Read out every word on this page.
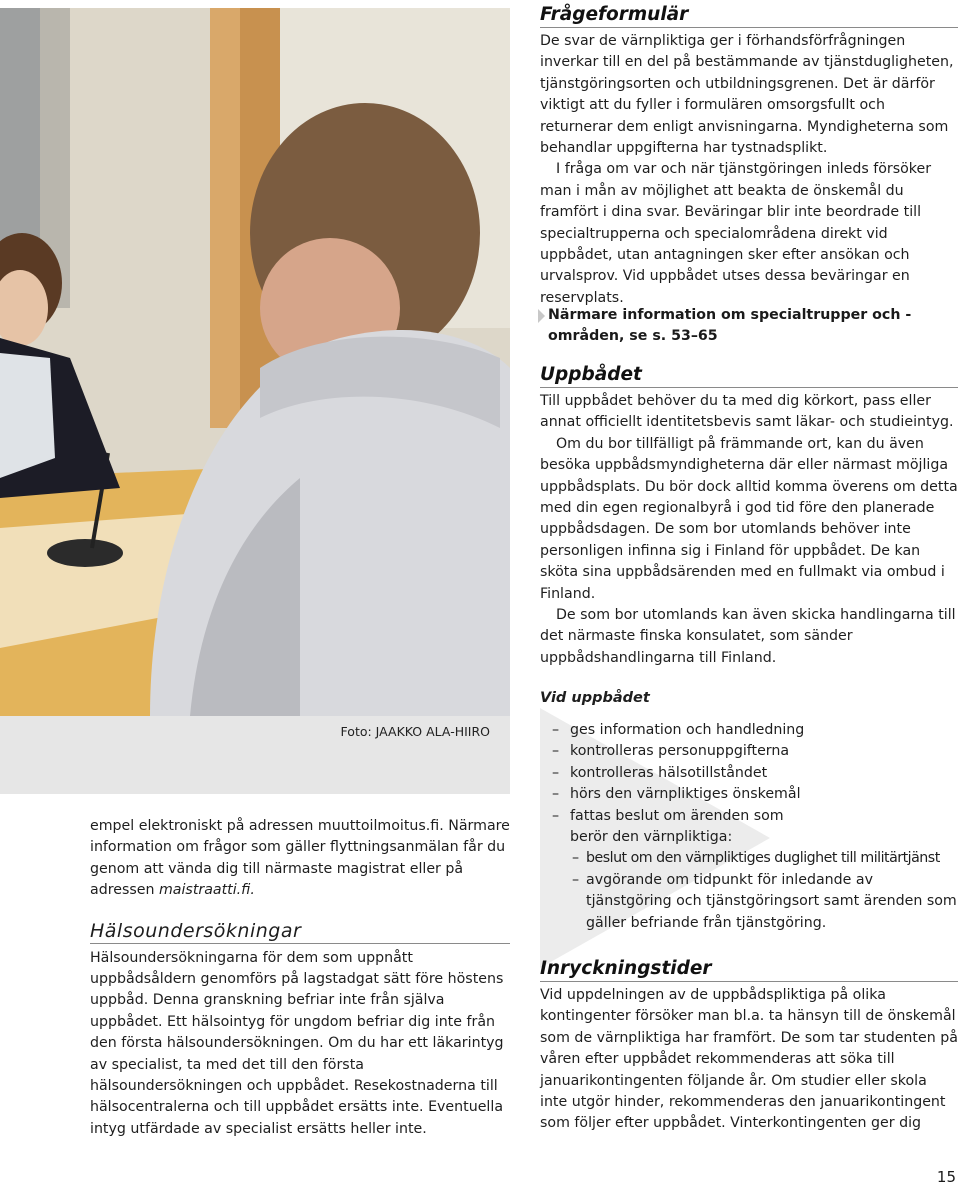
Foto: JAAKKO ALA-HIIRO
Frågeformulär

De svar de värnpliktiga ger i förhandsförfrågningen inverkar till en del på bestämmande av tjänstdugligheten, tjänstgöringsorten och utbildningsgrenen. Det är därför viktigt att du fyller i formulären omsorgsfullt och returnerar dem enligt anvisningarna. Myndigheterna som behandlar uppgifterna har tystnadsplikt.

I fråga om var och när tjänstgöringen inleds försöker man i mån av möjlighet att beakta de önskemål du framfört i dina svar. Beväringar blir inte beordrade till specialtrupperna och specialområdena direkt vid uppbådet, utan antagningen sker efter ansökan och urvalsprov. Vid uppbådet utses dessa beväringar en reservplats.

Närmare information om specialtrupper och -områden, se s. 53–65

Uppbådet

Till uppbådet behöver du ta med dig körkort, pass eller annat officiellt identitetsbevis samt läkar- och studieintyg.

Om du bor tillfälligt på främmande ort, kan du även besöka uppbådsmyndigheterna där eller närmast möjliga uppbådsplats. Du bör dock alltid komma överens om detta med din egen regionalbyrå i god tid före den planerade uppbådsdagen. De som bor utomlands behöver inte personligen infinna sig i Finland för uppbådet. De kan sköta sina uppbådsärenden med en fullmakt via ombud i Finland.

De som bor utomlands kan även skicka handlingarna till det närmaste finska konsulatet, som sänder uppbådshandlingarna till Finland.

Vid uppbådet
– ges information och handledning
– kontrolleras personuppgifterna
– kontrolleras hälsotillståndet
– hörs den värnpliktiges önskemål
– fattas beslut om ärenden som berör den värnpliktiga:
– beslut om den värnpliktiges duglighet till militärtjänst
– avgörande om tidpunkt för inledande av tjänstgöring och tjänstgöringsort samt ärenden som gäller befriande från tjänstgöring.
Inryckningstider

Vid uppdelningen av de uppbådspliktiga på olika kontingenter försöker man bl.a. ta hänsyn till de önskemål som de värnpliktiga har framfört. De som tar studenten på våren efter uppbådet rekommenderas att söka till januarikontingenten följande år. Om studier eller skola inte utgör hinder, rekommenderas den januarikontingent som följer efter uppbådet. Vinterkontingenten ger dig

empel elektroniskt på adressen muuttoilmoitus.fi. Närmare information om frågor som gäller flyttningsanmälan får du genom att vända dig till närmaste magistrat eller på adressen maistraatti.fi.

Hälsoundersökningar

Hälsoundersökningarna för dem som uppnått uppbådsåldern genomförs på lagstadgat sätt före höstens uppbåd. Denna granskning befriar inte från själva uppbådet. Ett hälsointyg för ungdom befriar dig inte från den första hälsoundersökningen. Om du har ett läkarintyg av specialist, ta med det till den första hälsoundersökningen och uppbådet. Resekostnaderna till hälsocentralerna och till uppbådet ersätts inte. Eventuella intyg utfärdade av specialist ersätts heller inte.

15
